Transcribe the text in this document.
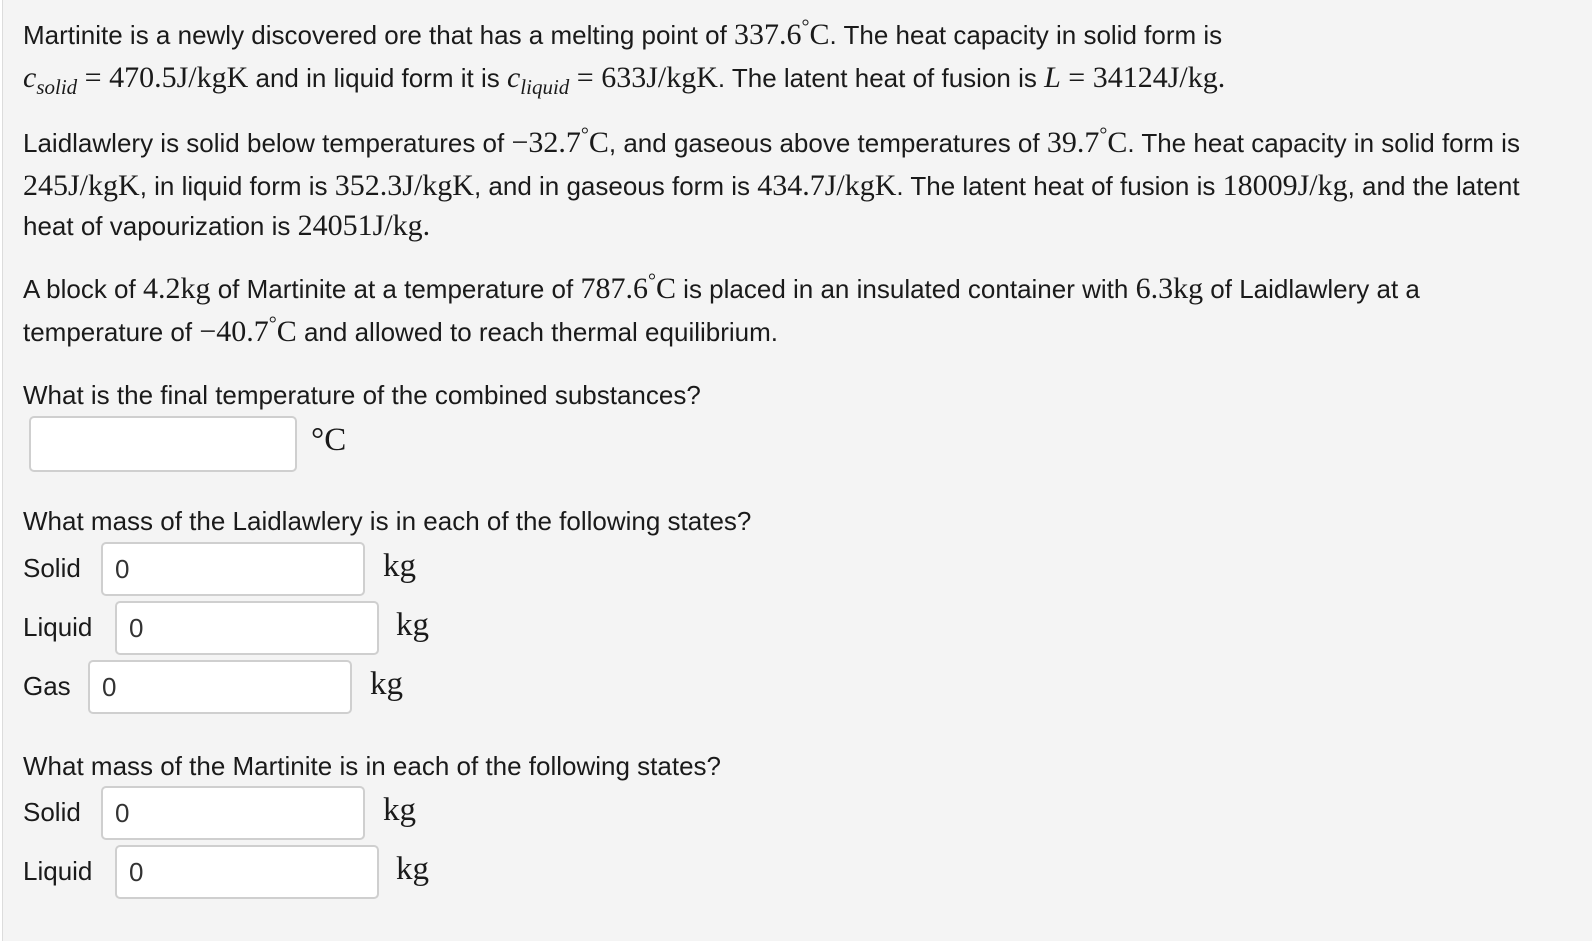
Martinite is a newly discovered ore that has a melting point of 337.6°C. The heat capacity in solid form is
$c_{solid} = 470.5J/kgK$ and in liquid form it is $c_{liquid} = 633J/kgK$. The latent heat of fusion is L = 34124J/kg.

Laidlawlery is solid below temperatures of −32.7°C, and gaseous above temperatures of 39.7°C. The heat capacity in solid form is 245J/kgK, in liquid form is 352.3J/kgK, and in gaseous form is 434.7J/kgK. The latent heat of fusion is 18009J/kg, and the latent heat of vapourization is 24051J/kg.

A block of 4.2kg of Martinite at a temperature of 787.6°C is placed in an insulated container with 6.3kg of Laidlawlery at a temperature of −40.7°C and allowed to reach thermal equilibrium.

What is the final temperature of the combined substances?

°C

What mass of the Laidlawlery is in each of the following states?

Solid
0	kg
Liquid
0	kg
Gas
0	kg

What mass of the Martinite is in each of the following states?

Solid
0	kg
Liquid
0	kg
